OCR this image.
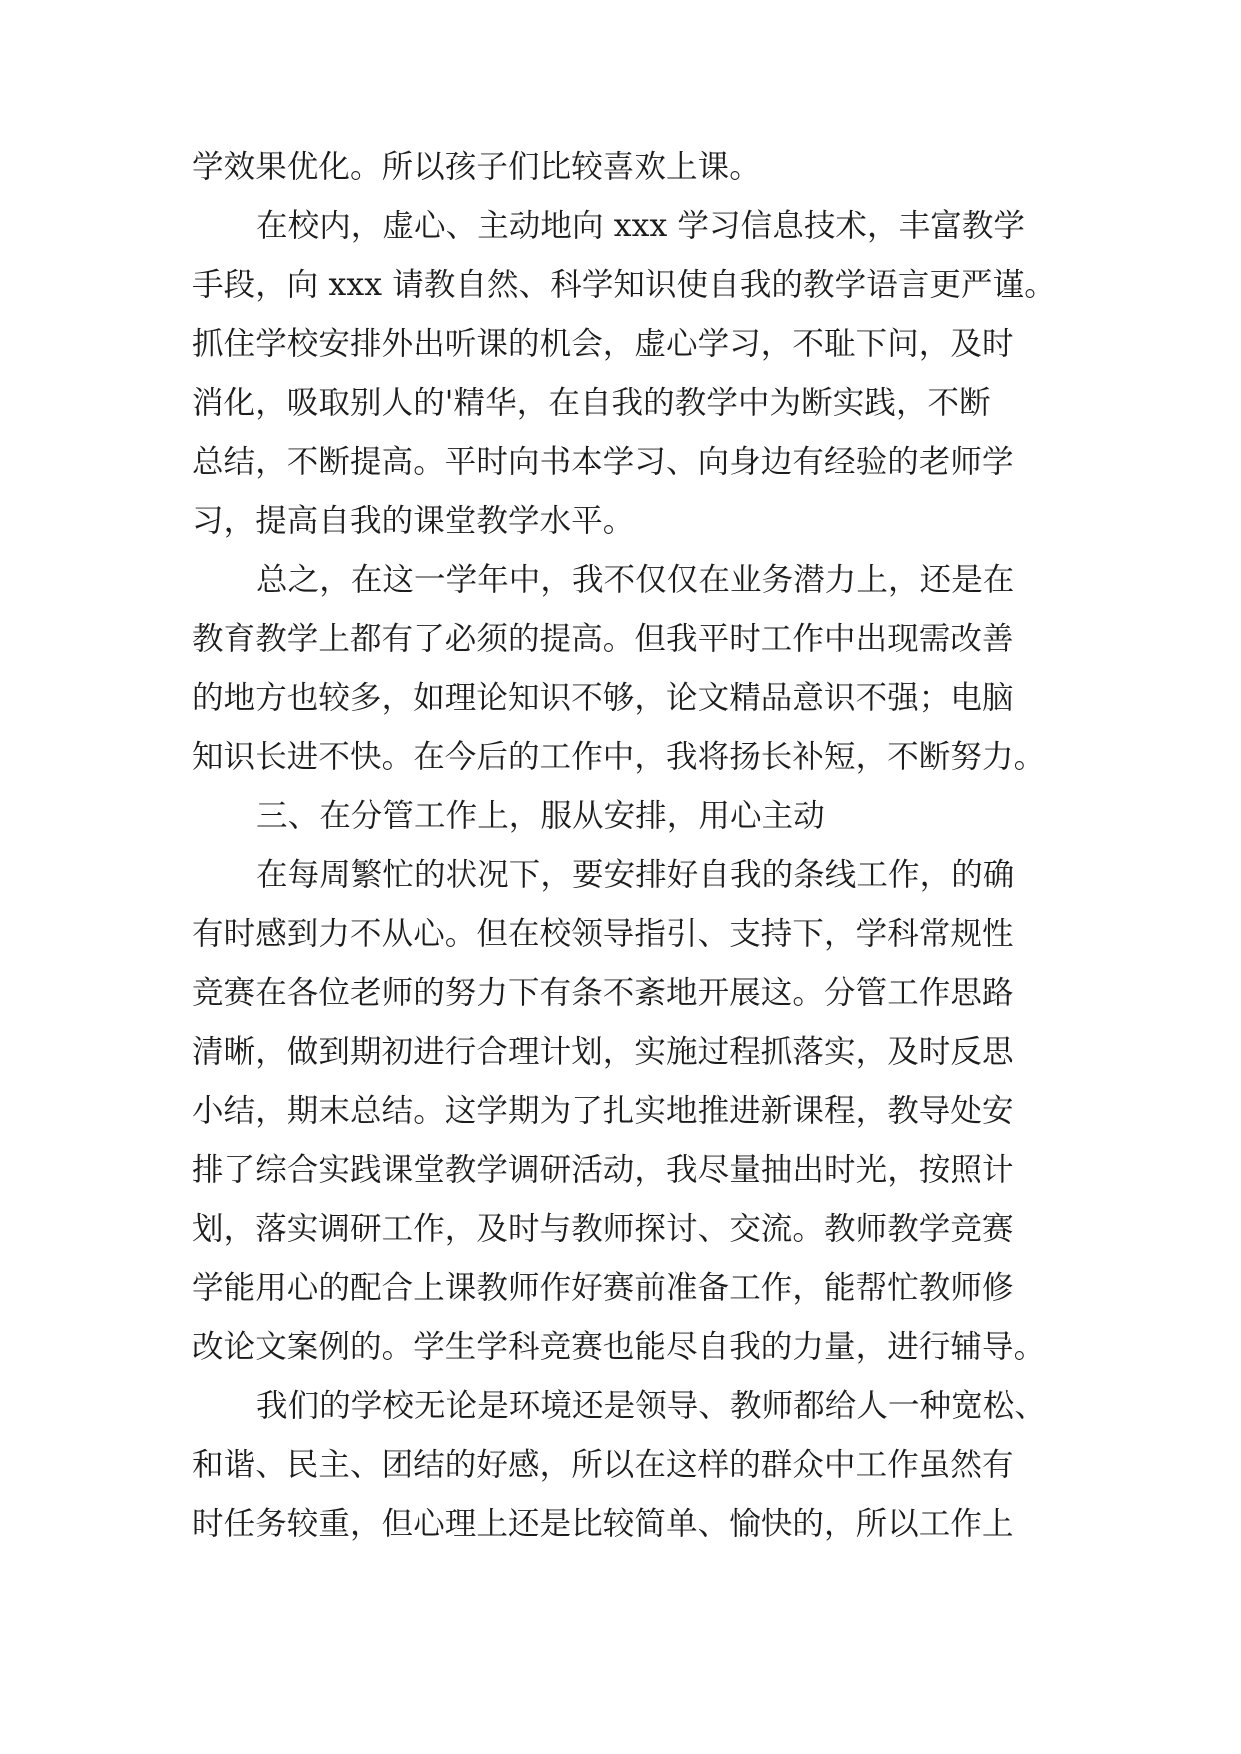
学效果优化。所以孩子们比较喜欢上课。
在校内，虚心、主动地向 xxx 学习信息技术，丰富教学
手段，向 xxx 请教自然、科学知识使自我的教学语言更严谨。
抓住学校安排外出听课的机会，虚心学习，不耻下问，及时
消化，吸取别人的'精华，在自我的教学中为断实践，不断
总结，不断提高。平时向书本学习、向身边有经验的老师学
习，提高自我的课堂教学水平。
总之，在这一学年中，我不仅仅在业务潜力上，还是在
教育教学上都有了必须的提高。但我平时工作中出现需改善
的地方也较多，如理论知识不够，论文精品意识不强；电脑
知识长进不快。在今后的工作中，我将扬长补短，不断努力。
三、在分管工作上，服从安排，用心主动
在每周繁忙的状况下，要安排好自我的条线工作，的确
有时感到力不从心。但在校领导指引、支持下，学科常规性
竞赛在各位老师的努力下有条不紊地开展这。分管工作思路
清晰，做到期初进行合理计划，实施过程抓落实，及时反思
小结，期末总结。这学期为了扎实地推进新课程，教导处安
排了综合实践课堂教学调研活动，我尽量抽出时光，按照计
划，落实调研工作，及时与教师探讨、交流。教师教学竞赛
学能用心的配合上课教师作好赛前准备工作，能帮忙教师修
改论文案例的。学生学科竞赛也能尽自我的力量，进行辅导。
我们的学校无论是环境还是领导、教师都给人一种宽松、
和谐、民主、团结的好感，所以在这样的群众中工作虽然有
时任务较重，但心理上还是比较简单、愉快的，所以工作上
